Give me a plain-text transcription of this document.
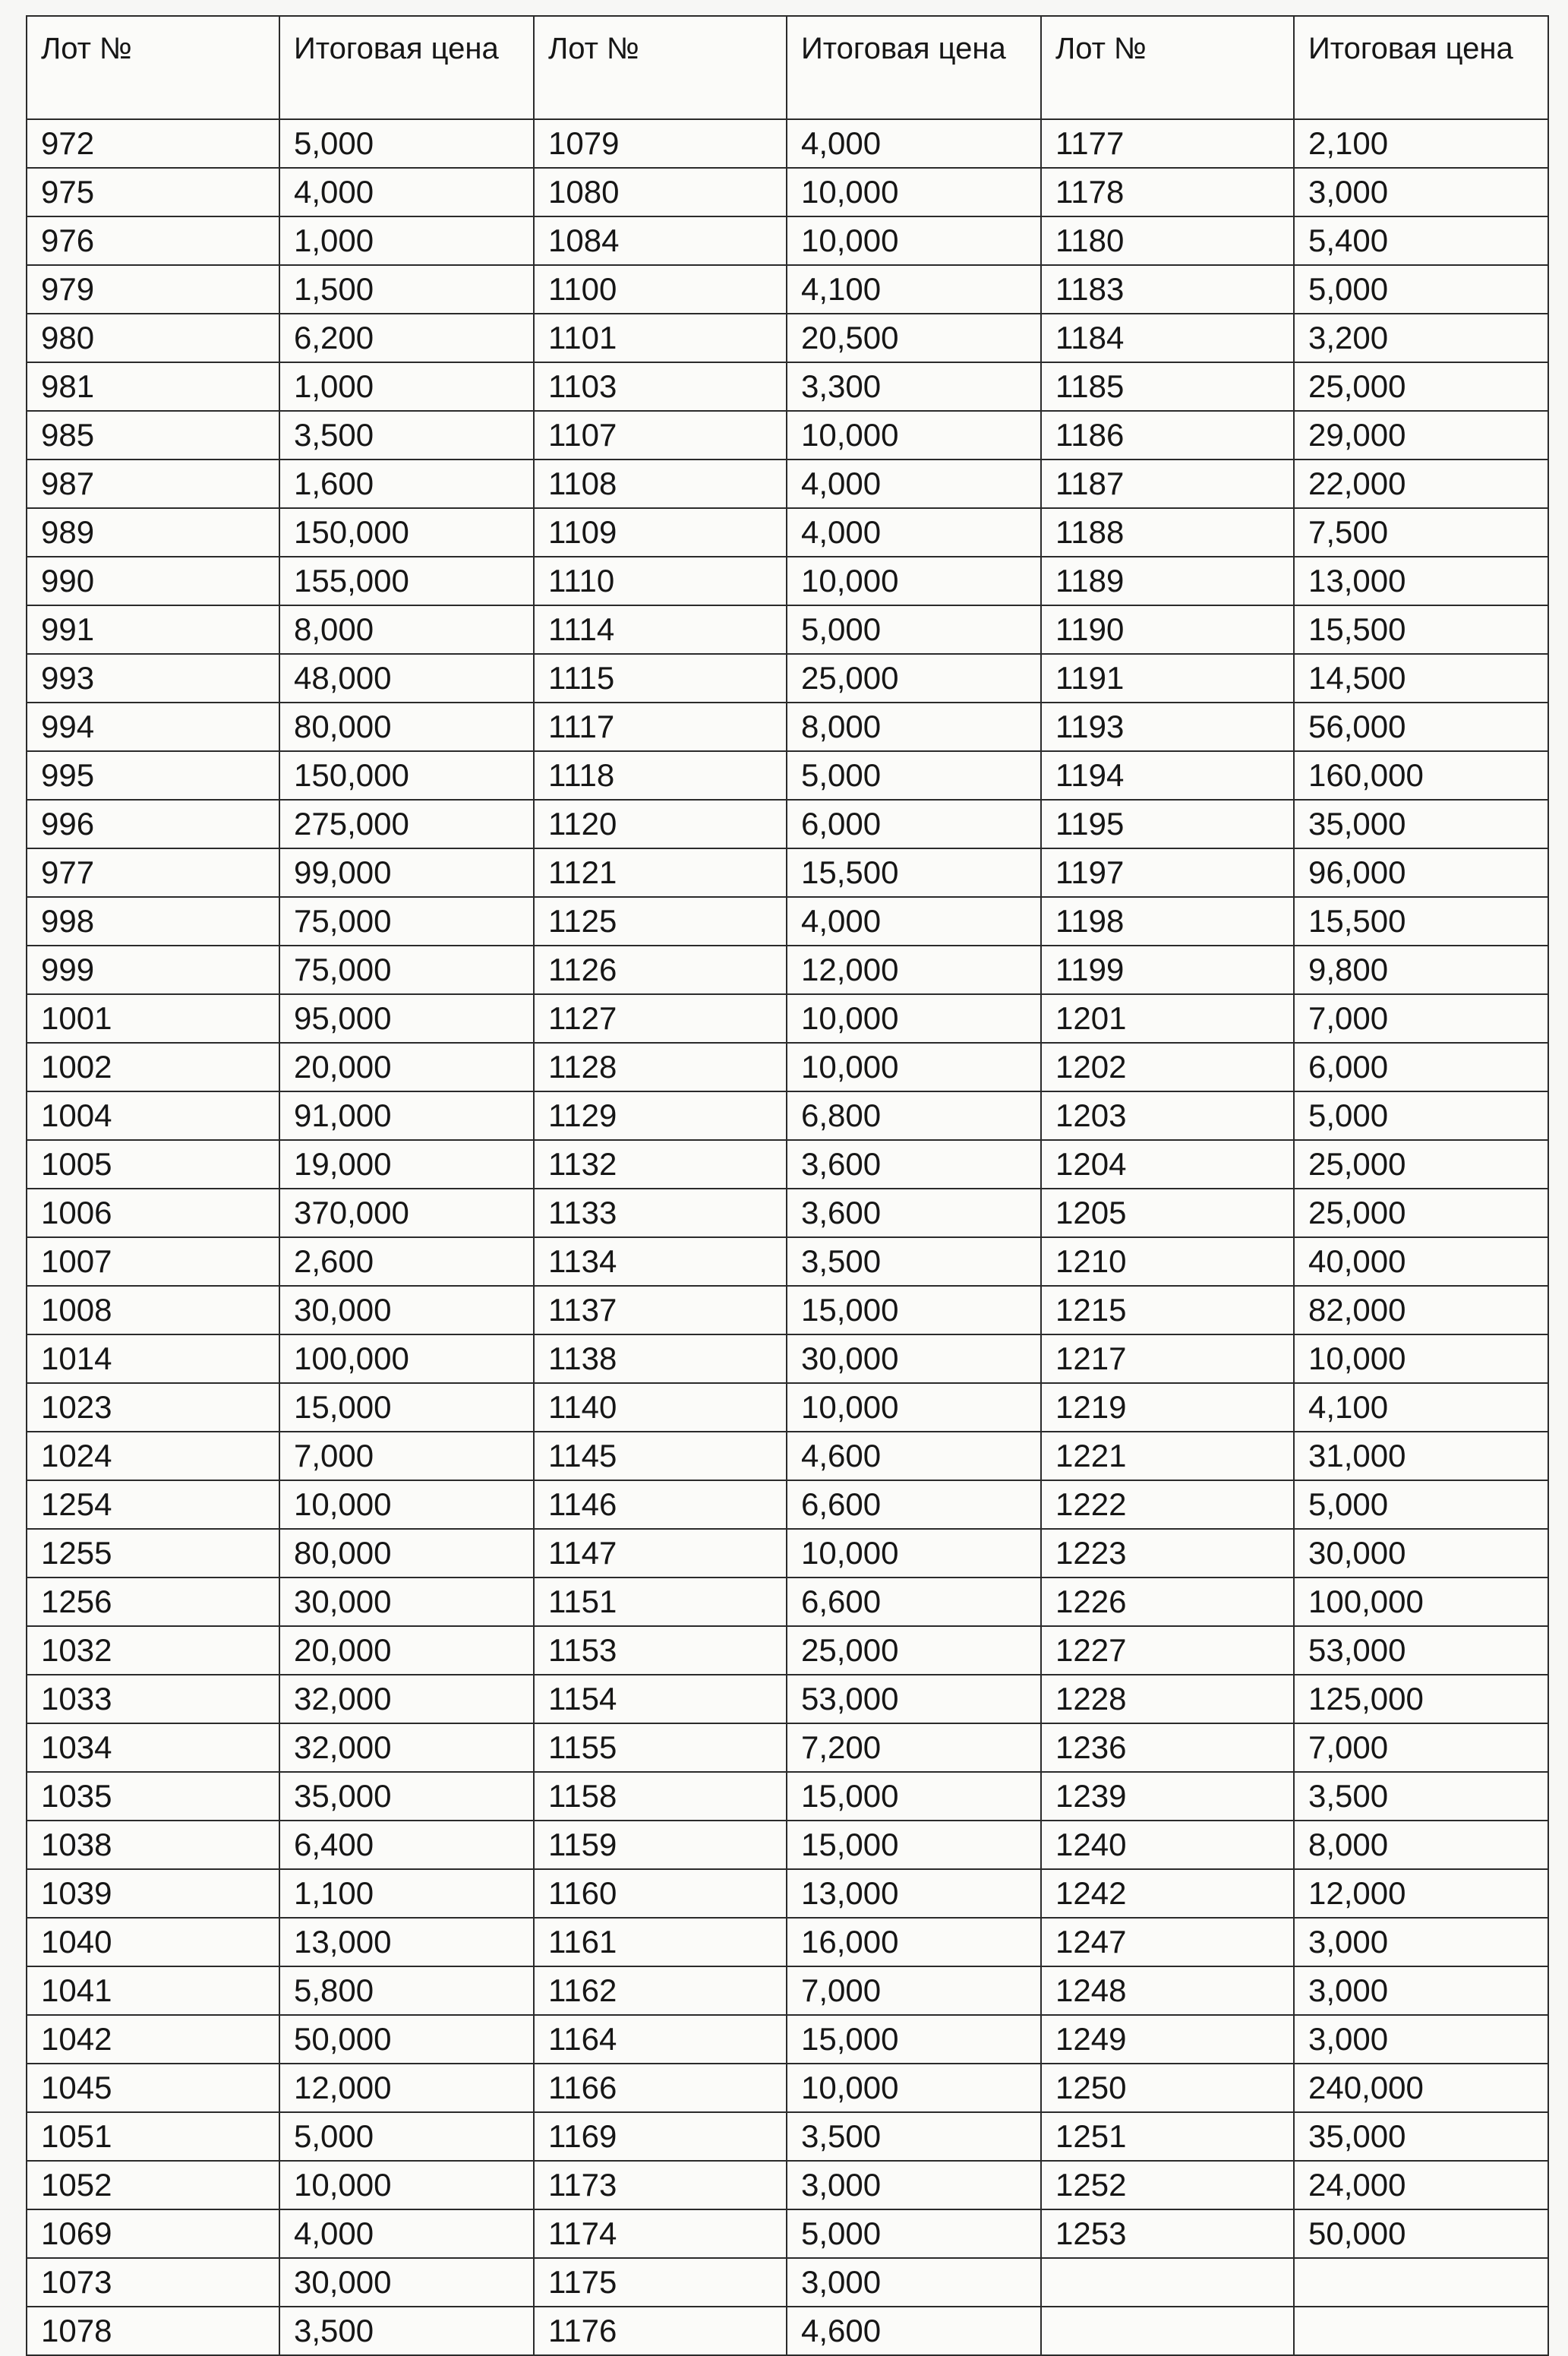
Лот №	Итоговая цена	Лот №	Итоговая цена	Лот №	Итоговая цена
972	5,000	1079	4,000	1177	2,100
975	4,000	1080	10,000	1178	3,000
976	1,000	1084	10,000	1180	5,400
979	1,500	1100	4,100	1183	5,000
980	6,200	1101	20,500	1184	3,200
981	1,000	1103	3,300	1185	25,000
985	3,500	1107	10,000	1186	29,000
987	1,600	1108	4,000	1187	22,000
989	150,000	1109	4,000	1188	7,500
990	155,000	1110	10,000	1189	13,000
991	8,000	1114	5,000	1190	15,500
993	48,000	1115	25,000	1191	14,500
994	80,000	1117	8,000	1193	56,000
995	150,000	1118	5,000	1194	160,000
996	275,000	1120	6,000	1195	35,000
977	99,000	1121	15,500	1197	96,000
998	75,000	1125	4,000	1198	15,500
999	75,000	1126	12,000	1199	9,800
1001	95,000	1127	10,000	1201	7,000
1002	20,000	1128	10,000	1202	6,000
1004	91,000	1129	6,800	1203	5,000
1005	19,000	1132	3,600	1204	25,000
1006	370,000	1133	3,600	1205	25,000
1007	2,600	1134	3,500	1210	40,000
1008	30,000	1137	15,000	1215	82,000
1014	100,000	1138	30,000	1217	10,000
1023	15,000	1140	10,000	1219	4,100
1024	7,000	1145	4,600	1221	31,000
1254	10,000	1146	6,600	1222	5,000
1255	80,000	1147	10,000	1223	30,000
1256	30,000	1151	6,600	1226	100,000
1032	20,000	1153	25,000	1227	53,000
1033	32,000	1154	53,000	1228	125,000
1034	32,000	1155	7,200	1236	7,000
1035	35,000	1158	15,000	1239	3,500
1038	6,400	1159	15,000	1240	8,000
1039	1,100	1160	13,000	1242	12,000
1040	13,000	1161	16,000	1247	3,000
1041	5,800	1162	7,000	1248	3,000
1042	50,000	1164	15,000	1249	3,000
1045	12,000	1166	10,000	1250	240,000
1051	5,000	1169	3,500	1251	35,000
1052	10,000	1173	3,000	1252	24,000
1069	4,000	1174	5,000	1253	50,000
1073	30,000	1175	3,000		
1078	3,500	1176	4,600		
